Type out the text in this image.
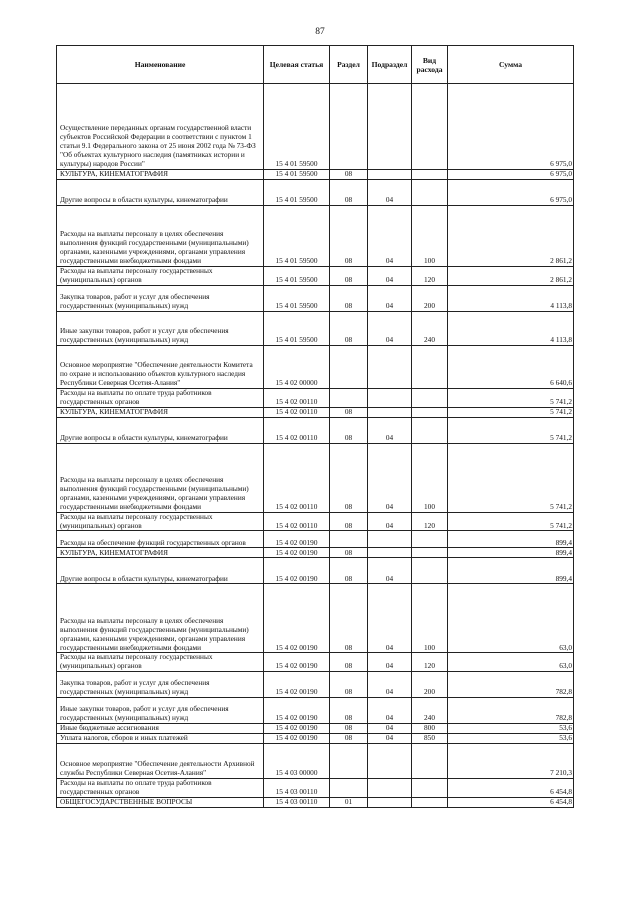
87
Наименование	Целевая статья	Раздел	Подраздел	Вид расхода	Сумма
Осуществление переданных органам государственной власти субъектов Российской Федерации в соответствии с пунктом 1 статьи 9.1 Федерального закона от 25 июня 2002 года № 73-ФЗ "Об объектах культурного наследия (памятниках истории и культуры) народов России"	15 4 01 59500				6 975,0
КУЛЬТУРА, КИНЕМАТОГРАФИЯ	15 4 01 59500	08			6 975,0
Другие вопросы в области культуры, кинематографии	15 4 01 59500	08	04		6 975,0
Расходы на выплаты персоналу в целях обеспечения выполнения функций государственными (муниципальными) органами, казенными учреждениями, органами управления государственными внебюджетными фондами	15 4 01 59500	08	04	100	2 861,2
Расходы на выплаты персоналу государственных (муниципальных) органов	15 4 01 59500	08	04	120	2 861,2
Закупка товаров, работ и услуг для обеспечения государственных (муниципальных) нужд	15 4 01 59500	08	04	200	4 113,8
Иные закупки товаров, работ и услуг для обеспечения государственных (муниципальных) нужд	15 4 01 59500	08	04	240	4 113,8
Основное мероприятие "Обеспечение деятельности Комитета по охране и использованию объектов культурного наследия Республики Северная Осетия-Алания"	15 4 02 00000				6 640,6
Расходы на выплаты по оплате труда работников государственных органов	15 4 02 00110				5 741,2
КУЛЬТУРА, КИНЕМАТОГРАФИЯ	15 4 02 00110	08			5 741,2
Другие вопросы в области культуры, кинематографии	15 4 02 00110	08	04		5 741,2
Расходы на выплаты персоналу в целях обеспечения выполнения функций государственными (муниципальными) органами, казенными учреждениями, органами управления государственными внебюджетными фондами	15 4 02 00110	08	04	100	5 741,2
Расходы на выплаты персоналу государственных (муниципальных) органов	15 4 02 00110	08	04	120	5 741,2
Расходы на обеспечение функций государственных органов	15 4 02 00190				899,4
КУЛЬТУРА, КИНЕМАТОГРАФИЯ	15 4 02 00190	08			899,4
Другие вопросы в области культуры, кинематографии	15 4 02 00190	08	04		899,4
Расходы на выплаты персоналу в целях обеспечения выполнения функций государственными (муниципальными) органами, казенными учреждениями, органами управления государственными внебюджетными фондами	15 4 02 00190	08	04	100	63,0
Расходы на выплаты персоналу государственных (муниципальных) органов	15 4 02 00190	08	04	120	63,0
Закупка товаров, работ и услуг для обеспечения государственных (муниципальных) нужд	15 4 02 00190	08	04	200	782,8
Иные закупки товаров, работ и услуг для обеспечения государственных (муниципальных) нужд	15 4 02 00190	08	04	240	782,8
Иные бюджетные ассигнования	15 4 02 00190	08	04	800	53,6
Уплата налогов, сборов и иных платежей	15 4 02 00190	08	04	850	53,6
Основное мероприятие "Обеспечение деятельности Архивной службы Республики Северная Осетия-Алания"	15 4 03 00000				7 210,3
Расходы на выплаты по оплате труда работников государственных органов	15 4 03 00110				6 454,8
ОБЩЕГОСУДАРСТВЕННЫЕ ВОПРОСЫ	15 4 03 00110	01			6 454,8
